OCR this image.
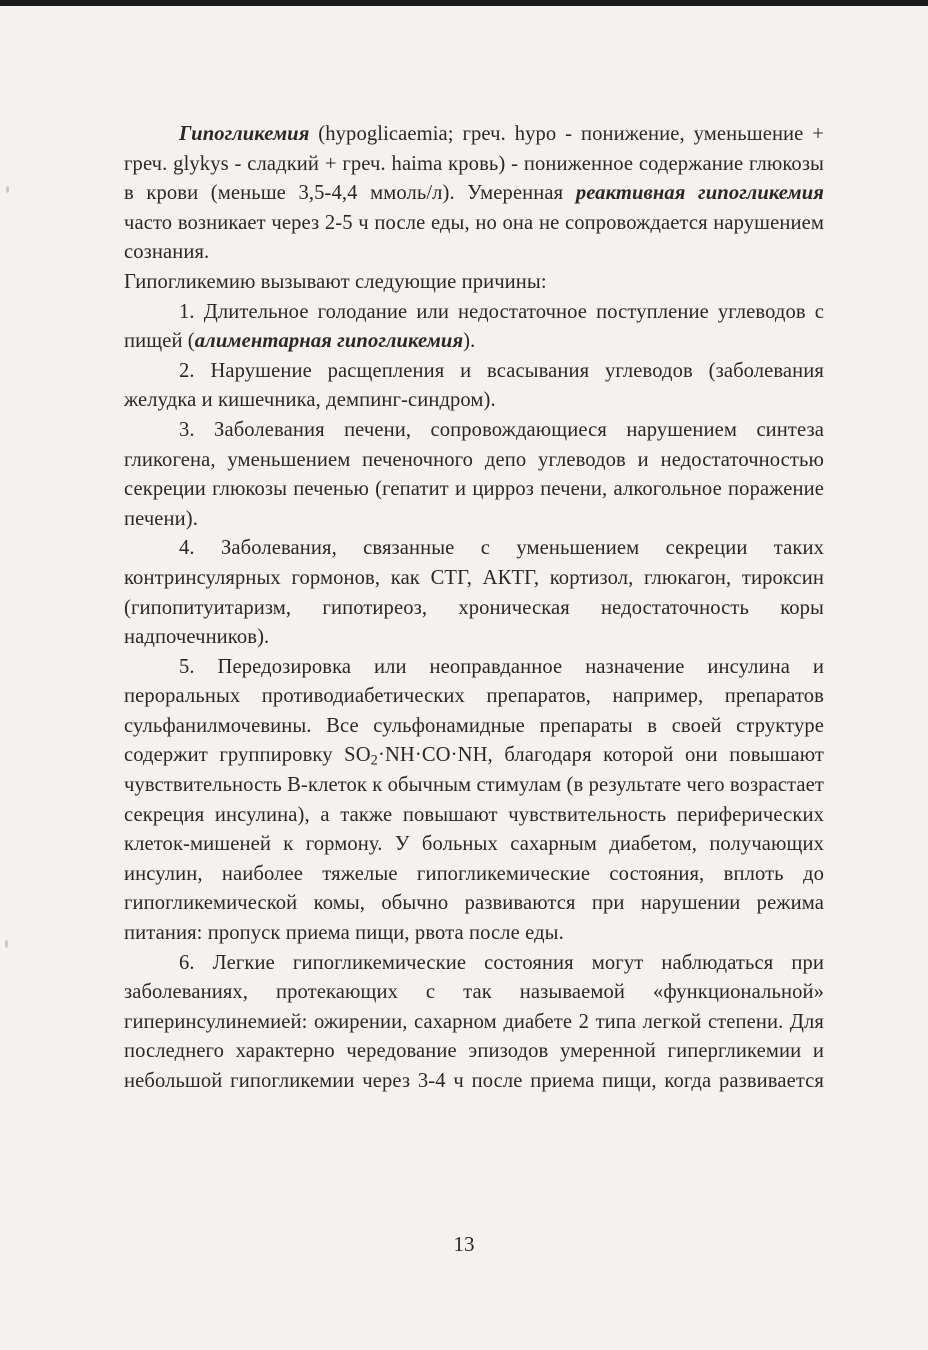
Гипогликемия (hypoglicaemia; греч. hypo - понижение, уменьшение + греч. glykys - сладкий + греч. haima кровь) - пониженное содержание глюкозы в крови (меньше 3,5-4,4 ммоль/л). Умеренная реактивная гипогликемия часто возникает через 2-5 ч после еды, но она не сопровождается нарушением сознания.

Гипогликемию вызывают следующие причины:

1. Длительное голодание или недостаточное поступление углеводов с пищей (алиментарная гипогликемия).

2. Нарушение расщепления и всасывания углеводов (заболевания желудка и кишечника, демпинг-синдром).

3. Заболевания печени, сопровождающиеся нарушением синтеза гликогена, уменьшением печеночного депо углеводов и недостаточностью секреции глюкозы печенью (гепатит и цирроз печени, алкогольное поражение печени).

4. Заболевания, связанные с уменьшением секреции таких контринсулярных гормонов, как СТГ, АКТГ, кортизол, глюкагон, тироксин (гипопитуитаризм, гипотиреоз, хроническая недостаточность коры надпочечников).

5. Передозировка или неоправданное назначение инсулина и пероральных противодиабетических препаратов, например, препаратов сульфанилмочевины. Все сульфонамидные препараты в своей структуре содержит группировку $SO_2\cdot NH\cdot CO\cdot NH$, благодаря которой они повышают чувствительность В-клеток к обычным стимулам (в результате чего возрастает секреция инсулина), а также повышают чувствительность периферических клеток-мишеней к гормону. У больных сахарным диабетом, получающих инсулин, наиболее тяжелые гипогликемические состояния, вплоть до гипогликемической комы, обычно развиваются при нарушении режима питания: пропуск приема пищи, рвота после еды.

6. Легкие гипогликемические состояния могут наблюдаться при заболеваниях, протекающих с так называемой «функциональной» гиперинсулинемией: ожирении, сахарном диабете 2 типа легкой степени. Для последнего характерно чередование эпизодов умеренной гипергликемии и небольшой гипогликемии через 3-4 ч после приема пищи, когда развивается

13
